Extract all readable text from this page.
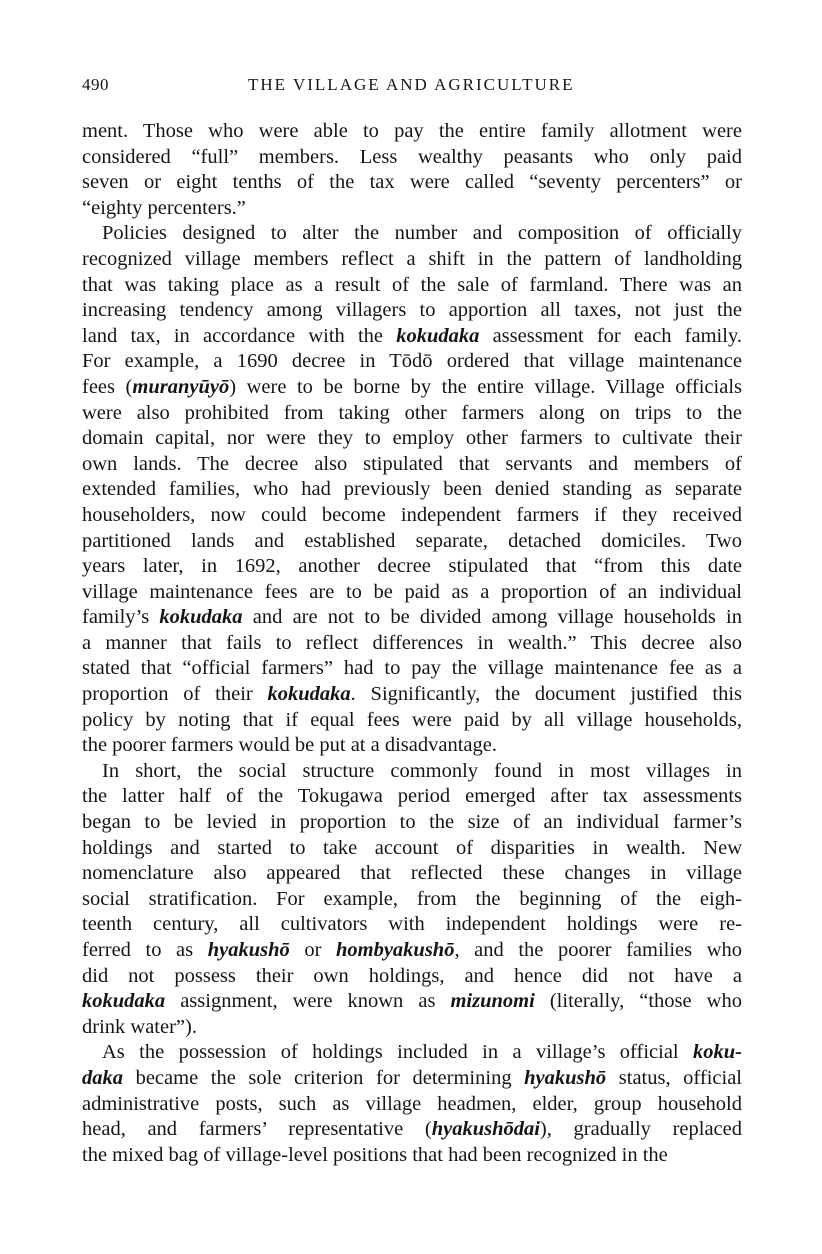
490	THE VILLAGE AND AGRICULTURE
ment. Those who were able to pay the entire family allotment were
considered “full” members. Less wealthy peasants who only paid
seven or eight tenths of the tax were called “seventy percenters” or
“eighty percenters.”
Policies designed to alter the number and composition of officially
recognized village members reflect a shift in the pattern of landholding
that was taking place as a result of the sale of farmland. There was an
increasing tendency among villagers to apportion all taxes, not just the
land tax, in accordance with the kokudaka assessment for each family.
For example, a 1690 decree in Tōdō ordered that village maintenance
fees (muranyūyō) were to be borne by the entire village. Village officials
were also prohibited from taking other farmers along on trips to the
domain capital, nor were they to employ other farmers to cultivate their
own lands. The decree also stipulated that servants and members of
extended families, who had previously been denied standing as separate
householders, now could become independent farmers if they received
partitioned lands and established separate, detached domiciles. Two
years later, in 1692, another decree stipulated that “from this date
village maintenance fees are to be paid as a proportion of an individual
family’s kokudaka and are not to be divided among village households in
a manner that fails to reflect differences in wealth.” This decree also
stated that “official farmers” had to pay the village maintenance fee as a
proportion of their kokudaka. Significantly, the document justified this
policy by noting that if equal fees were paid by all village households,
the poorer farmers would be put at a disadvantage.
In short, the social structure commonly found in most villages in
the latter half of the Tokugawa period emerged after tax assessments
began to be levied in proportion to the size of an individual farmer’s
holdings and started to take account of disparities in wealth. New
nomenclature also appeared that reflected these changes in village
social stratification. For example, from the beginning of the eigh-
teenth century, all cultivators with independent holdings were re-
ferred to as hyakushō or hombyakushō, and the poorer families who
did not possess their own holdings, and hence did not have a
kokudaka assignment, were known as mizunomi (literally, “those who
drink water”).
As the possession of holdings included in a village’s official koku-
daka became the sole criterion for determining hyakushō status, official
administrative posts, such as village headmen, elder, group household
head, and farmers’ representative (hyakushōdai), gradually replaced
the mixed bag of village-level positions that had been recognized in the
